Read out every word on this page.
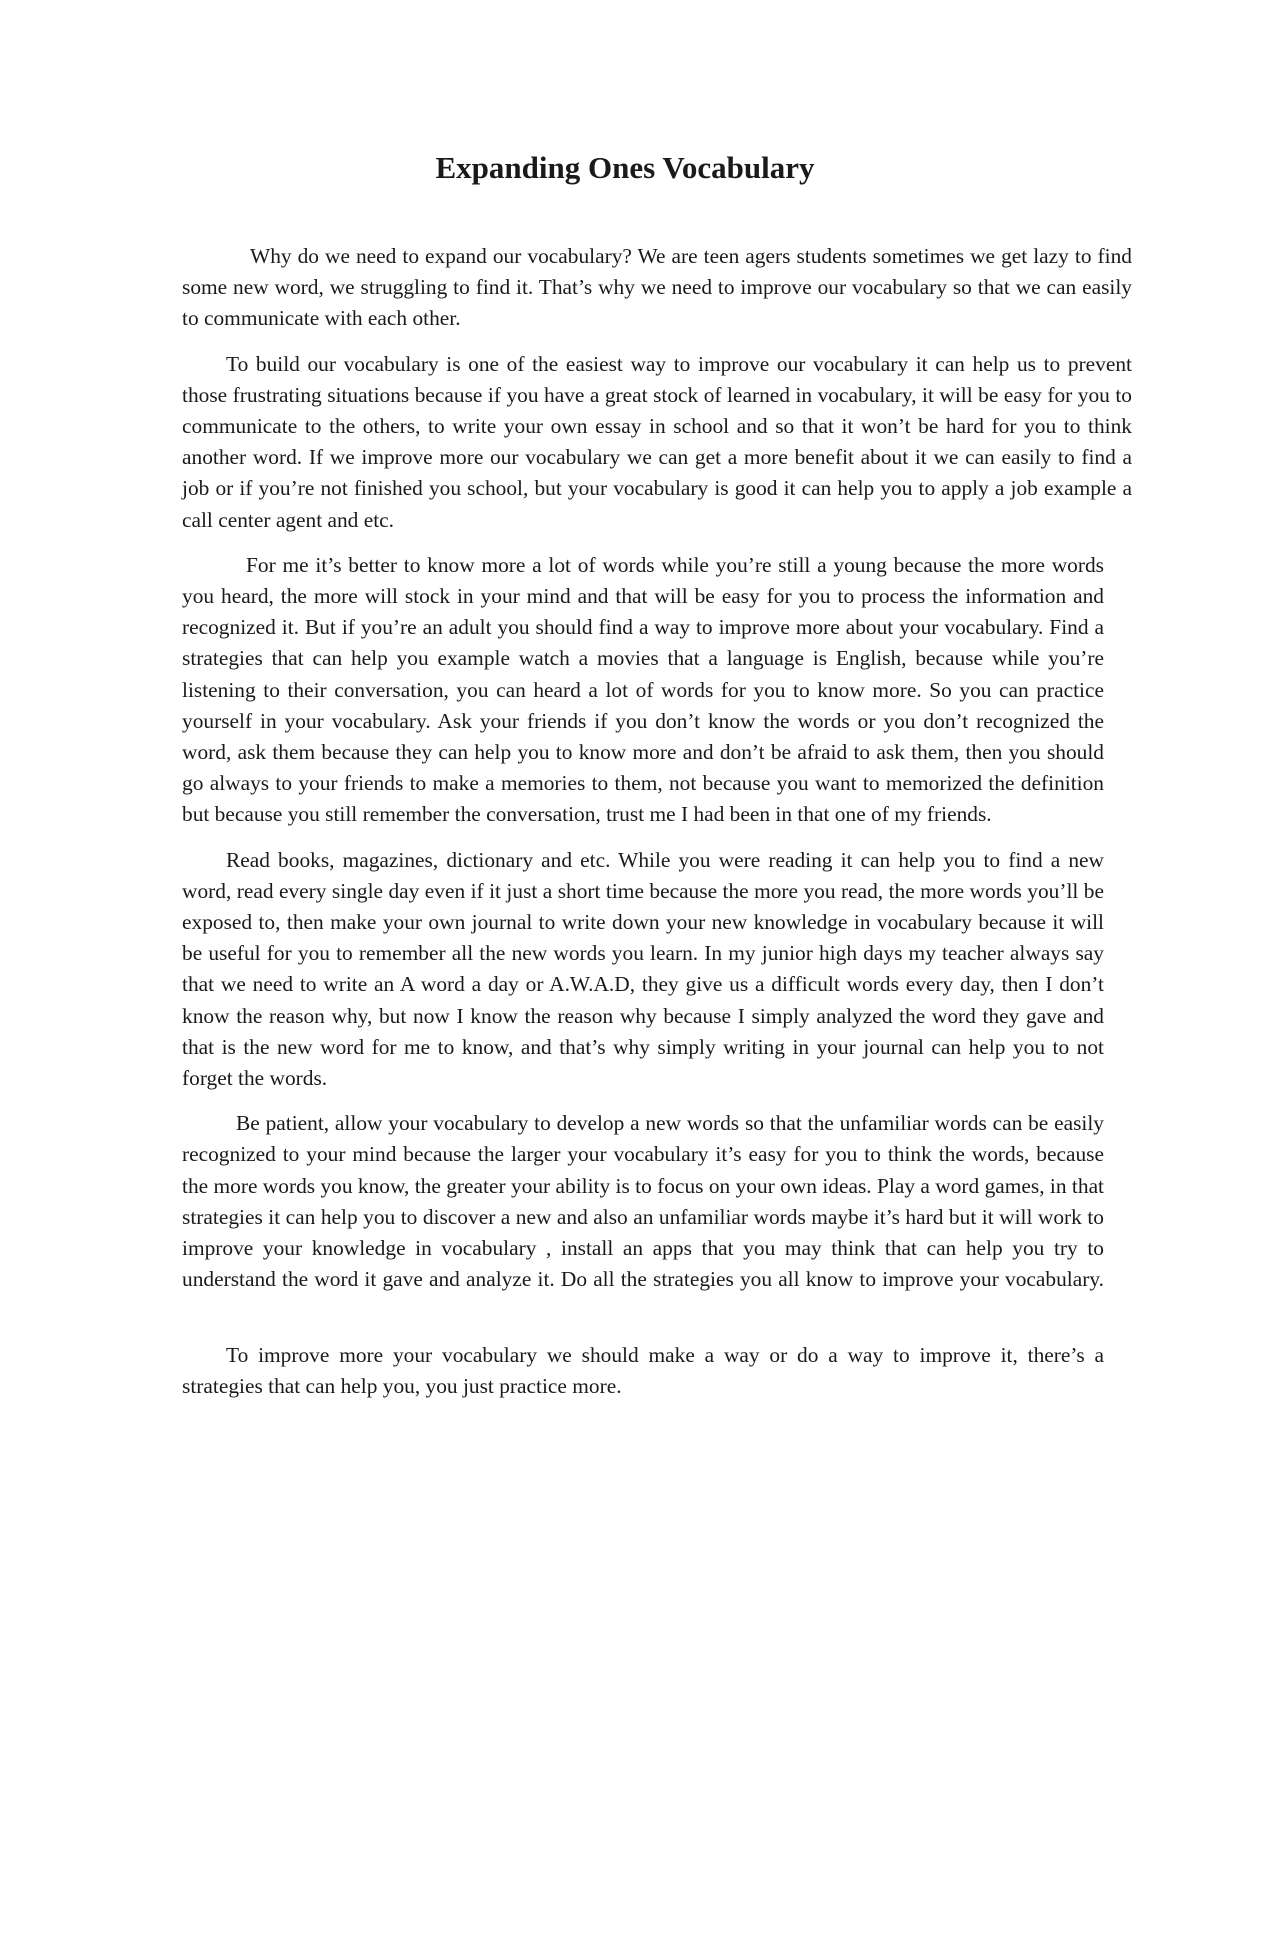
Expanding Ones Vocabulary

Why do we need to expand our vocabulary? We are teen agers students sometimes we get lazy to find some new word, we struggling to find it. That’s why we need to improve our vocabulary so that we can easily to communicate with each other.

To build our vocabulary is one of the easiest way to improve our vocabulary it can help us to prevent those frustrating situations because if you have a great stock of learned in vocabulary, it will be easy for you to communicate to the others, to write your own essay in school and so that it won’t be hard for you to think another word. If we improve more our vocabulary we can get a more benefit about it we can easily to find a job or if you’re not finished you school, but your vocabulary is good it can help you to apply a job example a call center agent and etc.

For me it’s better to know more a lot of words while you’re still a young because the more words you heard, the more will stock in your mind and that will be easy for you to process the information and recognized it. But if you’re an adult you should find a way to improve more about your vocabulary. Find a strategies that can help you example watch a movies that a language is English, because while you’re listening to their conversation, you can heard a lot of words for you to know more. So you can practice yourself in your vocabulary. Ask your friends if you don’t know the words or you don’t recognized the word, ask them because they can help you to know more and don’t be afraid to ask them, then you should go always to your friends to make a memories to them, not because you want to memorized the definition but because you still remember the conversation, trust me I had been in that one of my friends.

Read books, magazines, dictionary and etc. While you were reading it can help you to find a new word, read every single day even if it just a short time because the more you read, the more words you’ll be exposed to, then make your own journal to write down your new knowledge in vocabulary because it will be useful for you to remember all the new words you learn. In my junior high days my teacher always say that we need to write an A word a day or A.W.A.D, they give us a difficult words every day, then I don’t know the reason why, but now I know the reason why because I simply analyzed the word they gave and that is the new word for me to know, and that’s why simply writing in your journal can help you to not forget the words.

Be patient, allow your vocabulary to develop a new words so that the unfamiliar words can be easily recognized to your mind because the larger your vocabulary it’s easy for you to think the words, because the more words you know, the greater your ability is to focus on your own ideas. Play a word games, in that strategies it can help you to discover a new and also an unfamiliar words maybe it’s hard but it will work to improve your knowledge in vocabulary , install an apps that you may think that can help you try to understand the word it gave and analyze it. Do all the strategies you all know to improve your vocabulary.

To improve more your vocabulary we should make a way or do a way to improve it, there’s a strategies that can help you, you just practice more.
